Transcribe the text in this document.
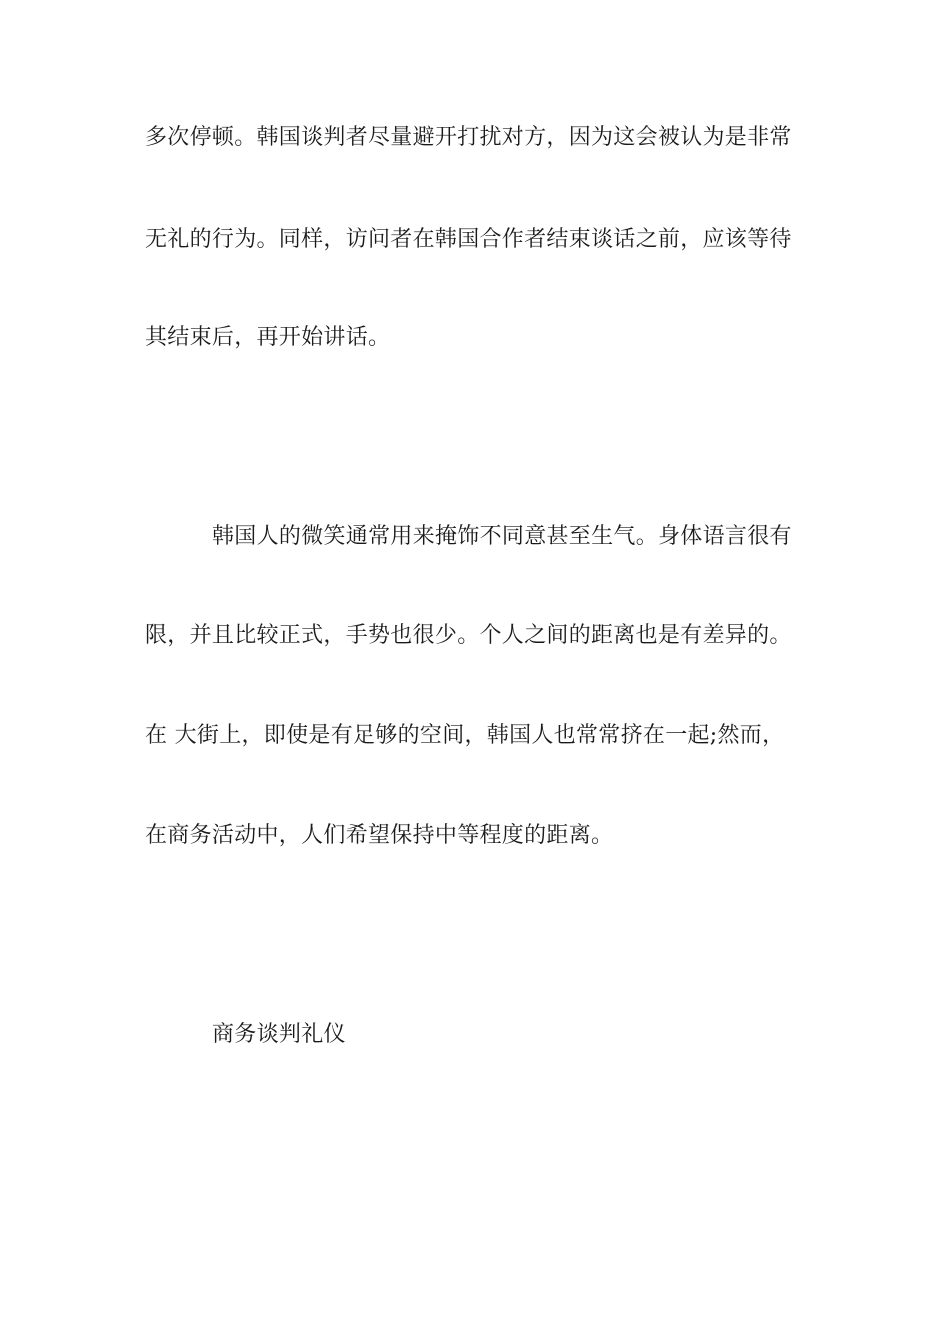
多次停顿。韩国谈判者尽量避开打扰对方，因为这会被认为是非常
无礼的行为。同样，访问者在韩国合作者结束谈话之前，应该等待
其结束后，再开始讲话。
韩国人的微笑通常用来掩饰不同意甚至生气。身体语言很有
限，并且比较正式，手势也很少。个人之间的距离也是有差异的。
在 大街上，即使是有足够的空间，韩国人也常常挤在一起;然而，
在商务活动中，人们希望保持中等程度的距离。
商务谈判礼仪
